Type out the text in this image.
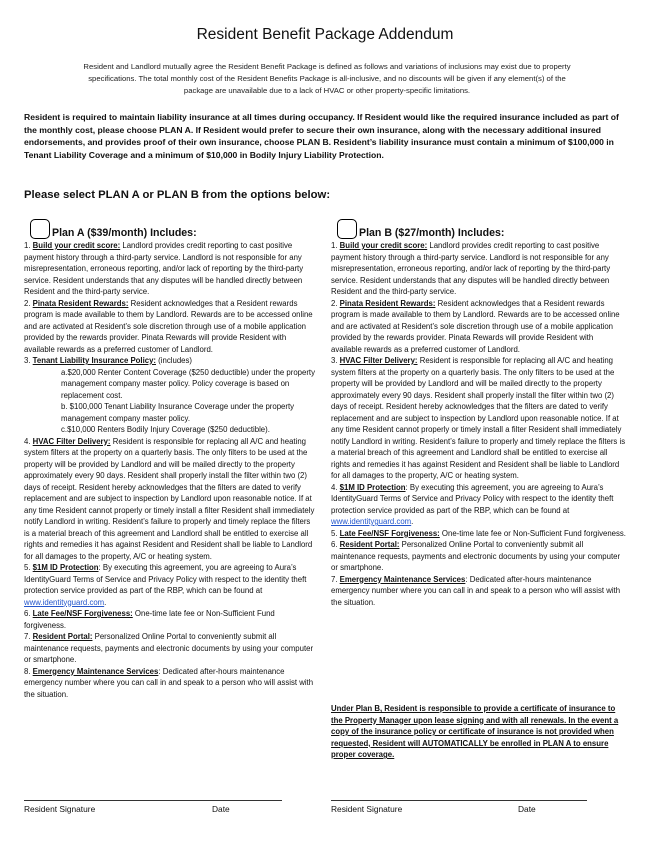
Resident Benefit Package Addendum
Resident and Landlord mutually agree the Resident Benefit Package is defined as follows and variations of inclusions may exist due to property specifications. The total monthly cost of the Resident Benefits Package is all-inclusive, and no discounts will be given if any element(s) of the package are unavailable due to a lack of HVAC or other property-specific limitations.
Resident is required to maintain liability insurance at all times during occupancy. If Resident would like the required insurance included as part of the monthly cost, please choose PLAN A. If Resident would prefer to secure their own insurance, along with the necessary additional insured endorsements, and provides proof of their own insurance, choose PLAN B. Resident’s liability insurance must contain a minimum of $100,000 in Tenant Liability Coverage and a minimum of $10,000 in Bodily Injury Liability Protection.
Please select PLAN A or PLAN B from the options below:
Plan A ($39/month) Includes:

1. Build your credit score: Landlord provides credit reporting to cast positive payment history through a third-party service. Landlord is not responsible for any misrepresentation, erroneous reporting, and/or lack of reporting by the third-party service. Resident understands that any disputes will be handled directly between Resident and the third-party service.

2. Pinata Resident Rewards: Resident acknowledges that a Resident rewards program is made available to them by Landlord. Rewards are to be accessed online and are activated at Resident’s sole discretion through use of a mobile application provided by the rewards provider. Pinata Rewards will provide Resident with available rewards as a preferred customer of Landlord.

3. Tenant Liability Insurance Policy: (includes)

a.$20,000 Renter Content Coverage ($250 deductible) under the property management company master policy. Policy coverage is based on replacement cost.

b. $100,000 Tenant Liability Insurance Coverage under the property management company master policy.

c.$10,000 Renters Bodily Injury Coverage ($250 deductible).

4. HVAC Filter Delivery: Resident is responsible for replacing all A/C and heating system filters at the property on a quarterly basis. The only filters to be used at the property will be provided by Landlord and will be mailed directly to the property approximately every 90 days. Resident shall properly install the filter within two (2) days of receipt. Resident hereby acknowledges that the filters are dated to verify replacement and are subject to inspection by Landlord upon reasonable notice. If at any time Resident cannot properly or timely install a filter Resident shall immediately notify Landlord in writing. Resident’s failure to properly and timely replace the filters is a material breach of this agreement and Landlord shall be entitled to exercise all rights and remedies it has against Resident and Resident shall be liable to Landlord for all damages to the property, A/C or heating system.

5. $1M ID Protection: By executing this agreement, you are agreeing to Aura’s IdentityGuard Terms of Service and Privacy Policy with respect to the identity theft protection service provided as part of the RBP, which can be found at www.identityguard.com.

6. Late Fee/NSF Forgiveness: One-time late fee or Non-Sufficient Fund forgiveness.

7. Resident Portal: Personalized Online Portal to conveniently submit all maintenance requests, payments and electronic documents by using your computer or smartphone.

8. Emergency Maintenance Services: Dedicated after-hours maintenance emergency number where you can call in and speak to a person who will assist with the situation.

Plan B ($27/month) Includes:

1. Build your credit score: Landlord provides credit reporting to cast positive payment history through a third-party service. Landlord is not responsible for any misrepresentation, erroneous reporting, and/or lack of reporting by the third-party service. Resident understands that any disputes will be handled directly between Resident and the third-party service.

2. Pinata Resident Rewards: Resident acknowledges that a Resident rewards program is made available to them by Landlord. Rewards are to be accessed online and are activated at Resident’s sole discretion through use of a mobile application provided by the rewards provider. Pinata Rewards will provide Resident with available rewards as a preferred customer of Landlord.

3. HVAC Filter Delivery: Resident is responsible for replacing all A/C and heating system filters at the property on a quarterly basis. The only filters to be used at the property will be provided by Landlord and will be mailed directly to the property approximately every 90 days. Resident shall properly install the filter within two (2) days of receipt. Resident hereby acknowledges that the filters are dated to verify replacement and are subject to inspection by Landlord upon reasonable notice. If at any time Resident cannot properly or timely install a filter Resident shall immediately notify Landlord in writing. Resident’s failure to properly and timely replace the filters is a material breach of this agreement and Landlord shall be entitled to exercise all rights and remedies it has against Resident and Resident shall be liable to Landlord for all damages to the property, A/C or heating system.

4. $1M ID Protection: By executing this agreement, you are agreeing to Aura’s IdentityGuard Terms of Service and Privacy Policy with respect to the identity theft protection service provided as part of the RBP, which can be found at www.identityguard.com.

5. Late Fee/NSF Forgiveness: One-time late fee or Non-Sufficient Fund forgiveness.

6. Resident Portal: Personalized Online Portal to conveniently submit all maintenance requests, payments and electronic documents by using your computer or smartphone.

7. Emergency Maintenance Services: Dedicated after-hours maintenance emergency number where you can call in and speak to a person who will assist with the situation.

Under Plan B, Resident is responsible to provide a certificate of insurance to the Property Manager upon lease signing and with all renewals. In the event a copy of the insurance policy or certificate of insurance is not provided when requested, Resident will AUTOMATICALLY be enrolled in PLAN A to ensure proper coverage.
Resident Signature	Date	Resident Signature	Date
